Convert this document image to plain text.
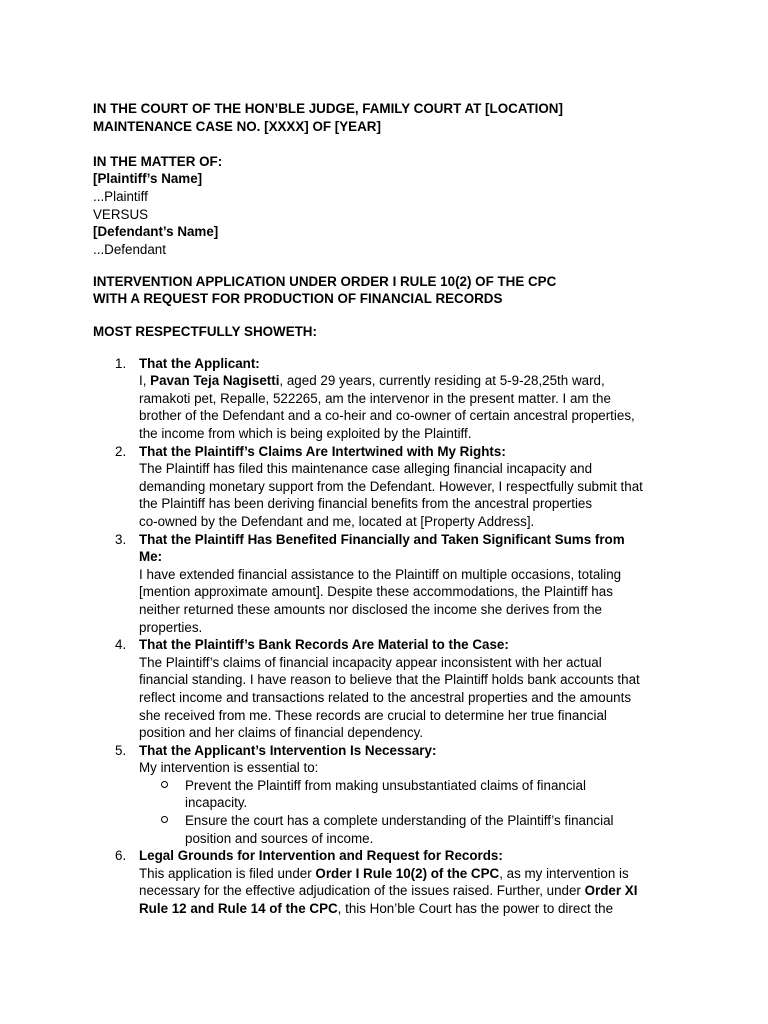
IN THE COURT OF THE HON’BLE JUDGE, FAMILY COURT AT [LOCATION]
MAINTENANCE CASE NO. [XXXX] OF [YEAR]
IN THE MATTER OF:
[Plaintiff’s Name]
...Plaintiff
VERSUS
[Defendant’s Name]
...Defendant
INTERVENTION APPLICATION UNDER ORDER I RULE 10(2) OF THE CPC
WITH A REQUEST FOR PRODUCTION OF FINANCIAL RECORDS
MOST RESPECTFULLY SHOWETH:
1. That the Applicant:
I, Pavan Teja Nagisetti, aged 29 years, currently residing at 5-9-28,25th ward,
ramakoti pet, Repalle, 522265, am the intervenor in the present matter. I am the
brother of the Defendant and a co-heir and co-owner of certain ancestral properties,
the income from which is being exploited by the Plaintiff.
2. That the Plaintiff’s Claims Are Intertwined with My Rights:
The Plaintiff has filed this maintenance case alleging financial incapacity and
demanding monetary support from the Defendant. However, I respectfully submit that
the Plaintiff has been deriving financial benefits from the ancestral properties
co-owned by the Defendant and me, located at [Property Address].
3. That the Plaintiff Has Benefited Financially and Taken Significant Sums from
Me:
I have extended financial assistance to the Plaintiff on multiple occasions, totaling
[mention approximate amount]. Despite these accommodations, the Plaintiff has
neither returned these amounts nor disclosed the income she derives from the
properties.
4. That the Plaintiff’s Bank Records Are Material to the Case:
The Plaintiff’s claims of financial incapacity appear inconsistent with her actual
financial standing. I have reason to believe that the Plaintiff holds bank accounts that
reflect income and transactions related to the ancestral properties and the amounts
she received from me. These records are crucial to determine her true financial
position and her claims of financial dependency.
5. That the Applicant’s Intervention Is Necessary:
My intervention is essential to:
Prevent the Plaintiff from making unsubstantiated claims of financial
incapacity.
Ensure the court has a complete understanding of the Plaintiff’s financial
position and sources of income.
6. Legal Grounds for Intervention and Request for Records:
This application is filed under Order I Rule 10(2) of the CPC, as my intervention is
necessary for the effective adjudication of the issues raised. Further, under Order XI
Rule 12 and Rule 14 of the CPC, this Hon’ble Court has the power to direct the
